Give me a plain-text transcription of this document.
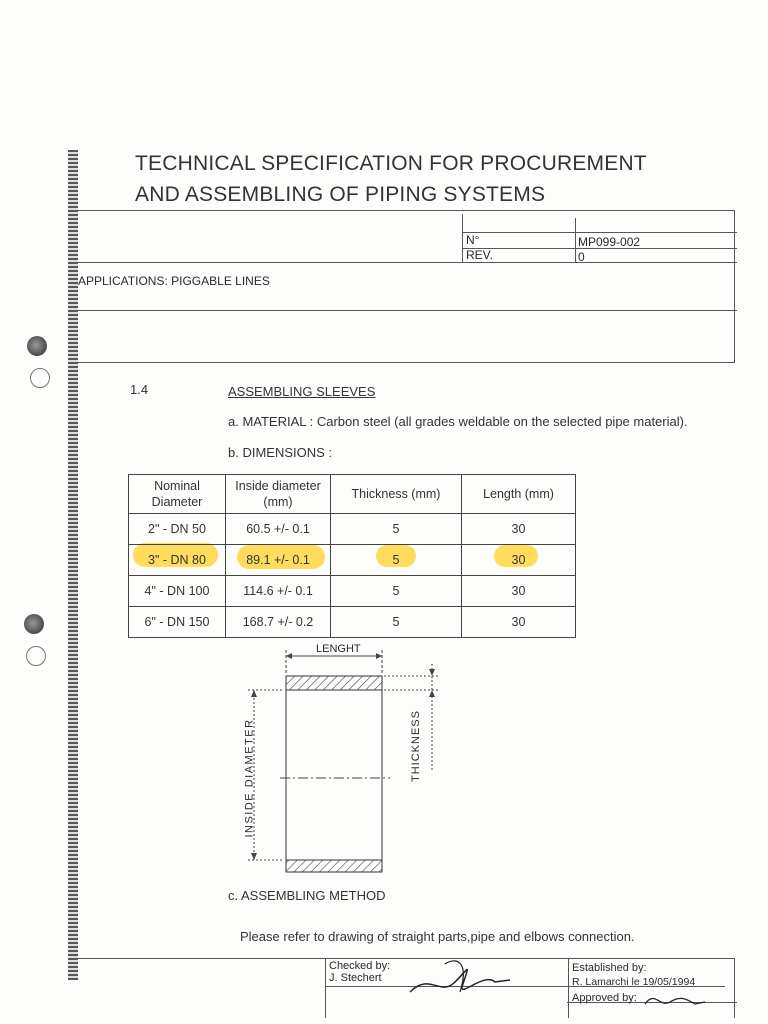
TECHNICAL SPECIFICATION FOR PROCUREMENT
AND ASSEMBLING OF PIPING SYSTEMS
N°	MP099-002
REV.	0
APPLICATIONS: PIGGABLE LINES
1.4	ASSEMBLING SLEEVES
a. MATERIAL : Carbon steel (all grades weldable on the selected pipe material).
b. DIMENSIONS :
Nominal Diameter	Inside diameter (mm)	Thickness (mm)	Length (mm)
2" - DN 50	60.5 +/- 0.1	5	30
3" - DN 80	89.1 +/- 0.1	5	30
4" - DN 100	114.6 +/- 0.1	5	30
6" - DN 150	168.7 +/- 0.2	5	30
LENGHT
THICKNESS
INSIDE DIAMETER
c. ASSEMBLING METHOD
Please refer to drawing of straight parts,pipe and elbows connection.
Checked by:
J. Stechert
Established by:
R. Lamarchi le 19/05/1994
Approved by:
